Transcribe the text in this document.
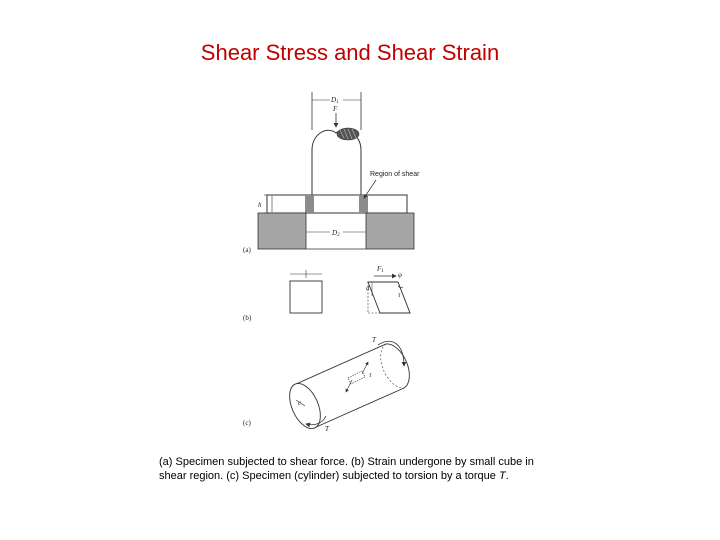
Shear Stress and Shear Strain
D1
F
h
Region of shear
D2
(a)
F1
d
φ
τ
(b)
c
τ
T
T
(c)
(a) Specimen subjected to shear force. (b) Strain undergone by small cube in shear region. (c) Specimen (cylinder) subjected to torsion by a torque T.
